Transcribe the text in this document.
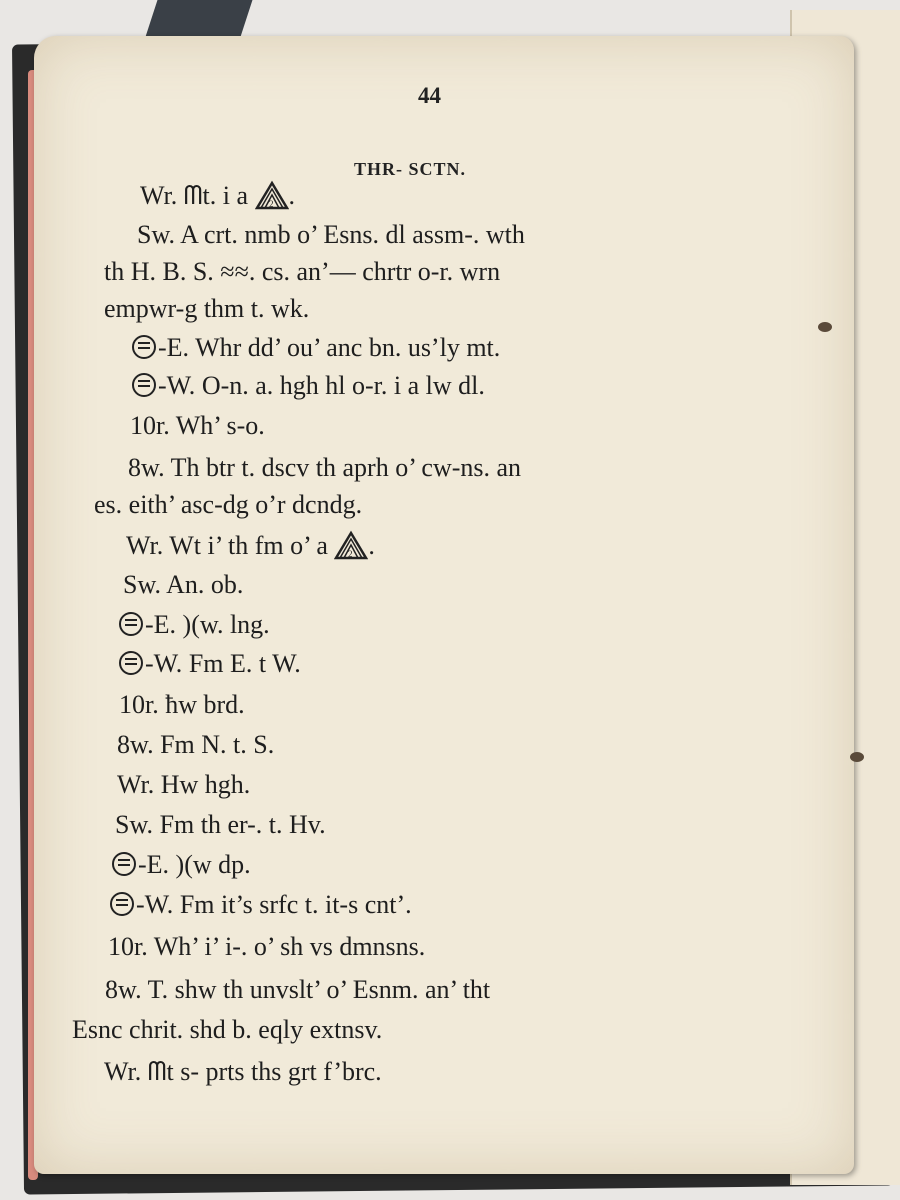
44
THR- SCTN.
Wr. ᗰt. i a 2 .
Sw. A crt. nmb o’ Esns. dl assm-. wth
th H. B. S. ≈≈. cs. an’— chrtr o-r. wrn
empwr-g thm t. wk.
-E. Whr dd’ ou’ anc bn. us’ly mt.
-W. O-n. a. hgh hl o-r. i a lw dl.
10r. Wh’ s-o.
8w. Th btr t. dscv th aprh o’ cw-ns. an
es. eith’ asc-dg o’r dcndg.
Wr. Wt i’ th fm o’ a 2 .
Sw. An. ob.
-E. )(w. lng.
-W. Fm E. t W.
10r. ħw brd.
8w. Fm N. t. S.
Wr. Hw hgh.
Sw. Fm th er-. t. Hv.
-E. )(w dp.
-W. Fm it’s srfc t. it-s cnt’.
10r. Wh’ i’ i-. o’ sh vs dmnsns.
8w. T. shw th unvslt’ o’ Esnm. an’ tht
Esnc chrit. shd b. eqly extnsv.
Wr. ᗰt s- prts ths grt f’brc.
